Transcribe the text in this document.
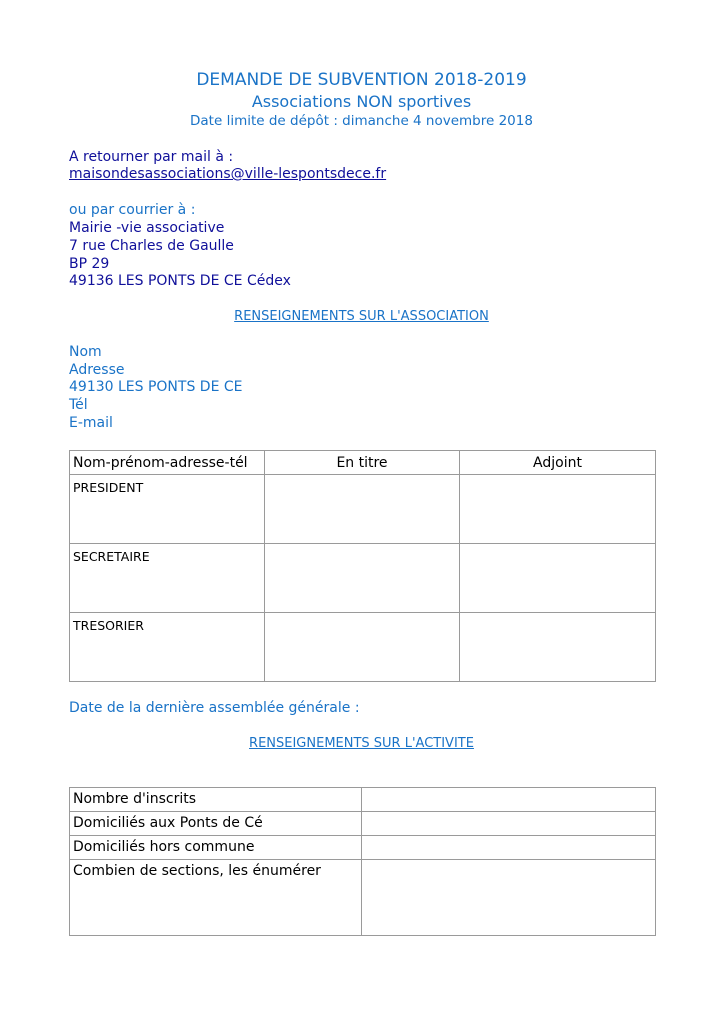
DEMANDE DE SUBVENTION 2018-2019
Associations NON sportives
Date limite de dépôt : dimanche 4 novembre 2018
A retourner par mail à :
maisondesassociations@ville-lespontsdece.fr
ou par courrier à :
Mairie -vie associative
7 rue Charles de Gaulle
BP 29
49136 LES PONTS DE CE Cédex
RENSEIGNEMENTS SUR L'ASSOCIATION
Nom
Adresse
49130 LES PONTS DE CE
Tél
E-mail
Nom-prénom-adresse-tél	En titre	Adjoint
PRESIDENT		
SECRETAIRE		
TRESORIER		
Date de la dernière assemblée générale :
RENSEIGNEMENTS SUR L'ACTIVITE
Nombre d'inscrits	
Domiciliés aux Ponts de Cé	
Domiciliés hors commune	
Combien de sections, les énumérer	
